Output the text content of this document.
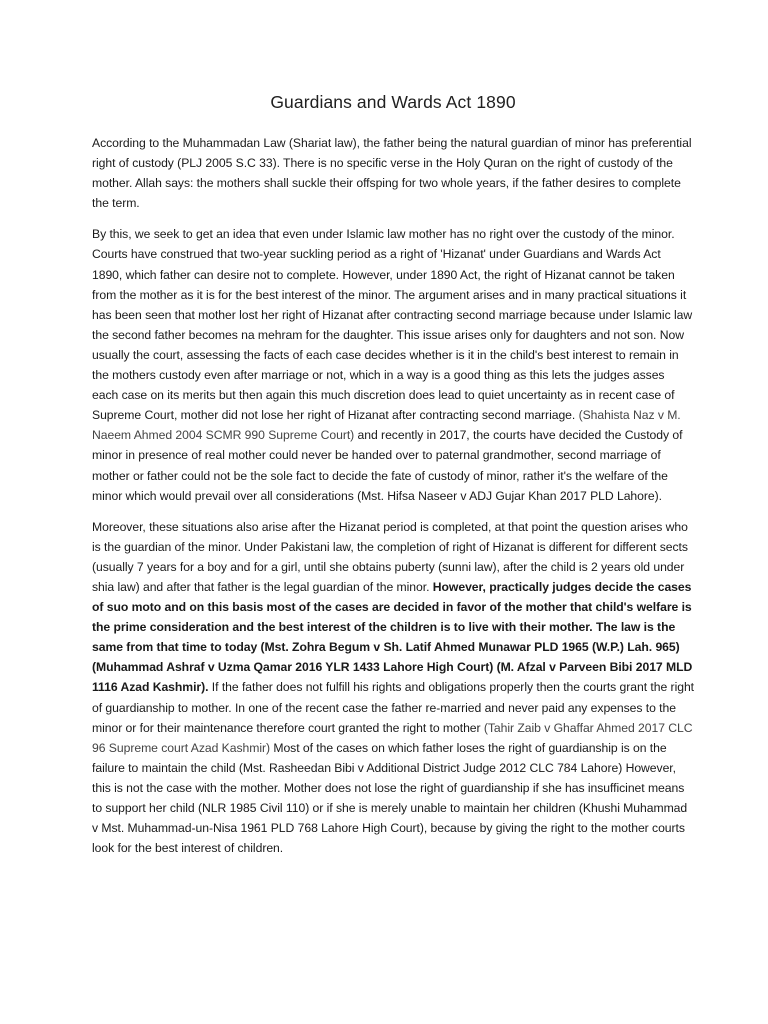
Guardians and Wards Act 1890

According to the Muhammadan Law (Shariat law), the father being the natural guardian of minor has preferential right of custody (PLJ 2005 S.C 33). There is no specific verse in the Holy Quran on the right of custody of the mother. Allah says: the mothers shall suckle their offsping for two whole years, if the father desires to complete the term.

By this, we seek to get an idea that even under Islamic law mother has no right over the custody of the minor. Courts have construed that two-year suckling period as a right of 'Hizanat' under Guardians and Wards Act 1890, which father can desire not to complete. However, under 1890 Act, the right of Hizanat cannot be taken from the mother as it is for the best interest of the minor. The argument arises and in many practical situations it has been seen that mother lost her right of Hizanat after contracting second marriage because under Islamic law the second father becomes na mehram for the daughter. This issue arises only for daughters and not son. Now usually the court, assessing the facts of each case decides whether is it in the child's best interest to remain in the mothers custody even after marriage or not, which in a way is a good thing as this lets the judges asses each case on its merits but then again this much discretion does lead to quiet uncertainty as in recent case of Supreme Court, mother did not lose her right of Hizanat after contracting second marriage. (Shahista Naz v M. Naeem Ahmed 2004 SCMR 990 Supreme Court) and recently in 2017, the courts have decided the Custody of minor in presence of real mother could never be handed over to paternal grandmother, second marriage of mother or father could not be the sole fact to decide the fate of custody of minor, rather it's the welfare of the minor which would prevail over all considerations (Mst. Hifsa Naseer v ADJ Gujar Khan 2017 PLD Lahore).

Moreover, these situations also arise after the Hizanat period is completed, at that point the question arises who is the guardian of the minor. Under Pakistani law, the completion of right of Hizanat is different for different sects (usually 7 years for a boy and for a girl, until she obtains puberty (sunni law), after the child is 2 years old under shia law) and after that father is the legal guardian of the minor. However, practically judges decide the cases of suo moto and on this basis most of the cases are decided in favor of the mother that child's welfare is the prime consideration and the best interest of the children is to live with their mother. The law is the same from that time to today (Mst. Zohra Begum v Sh. Latif Ahmed Munawar PLD 1965 (W.P.) Lah. 965) (Muhammad Ashraf v Uzma Qamar 2016 YLR 1433 Lahore High Court) (M. Afzal v Parveen Bibi 2017 MLD 1116 Azad Kashmir). If the father does not fulfill his rights and obligations properly then the courts grant the right of guardianship to mother. In one of the recent case the father re-married and never paid any expenses to the minor or for their maintenance therefore court granted the right to mother (Tahir Zaib v Ghaffar Ahmed 2017 CLC 96 Supreme court Azad Kashmir) Most of the cases on which father loses the right of guardianship is on the failure to maintain the child (Mst. Rasheedan Bibi v Additional District Judge 2012 CLC 784 Lahore) However, this is not the case with the mother. Mother does not lose the right of guardianship if she has insufficinet means to support her child (NLR 1985 Civil 110) or if she is merely unable to maintain her children (Khushi Muhammad v Mst. Muhammad-un-Nisa 1961 PLD 768 Lahore High Court), because by giving the right to the mother courts look for the best interest of children.
